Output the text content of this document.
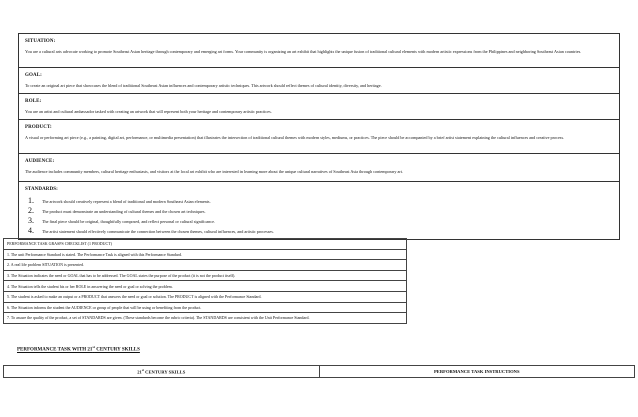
SITUATION:
You are a cultural arts advocate working to promote Southeast Asian heritage through contemporary and emerging art forms. Your community is organizing an art exhibit that highlights the unique fusion of traditional cultural elements with modern artistic expressions from the Philippines and neighboring Southeast Asian countries.

GOAL:
To create an original art piece that showcases the blend of traditional Southeast Asian influences and contemporary artistic techniques. This artwork should reflect themes of cultural identity, diversity, and heritage.

ROLE:
You are an artist and cultural ambassador tasked with creating an artwork that will represent both your heritage and contemporary artistic practices.

PRODUCT:
A visual or performing art piece (e.g., a painting, digital art, performance, or multimedia presentation) that illustrates the intersection of traditional cultural themes with modern styles, mediums, or practices. The piece should be accompanied by a brief artist statement explaining the cultural influences and creative process.

AUDIENCE:
The audience includes community members, cultural heritage enthusiasts, and visitors at the local art exhibit who are interested in learning more about the unique cultural narratives of Southeast Asia through contemporary art.

STANDARDS:
1.	The artwork should creatively represent a blend of traditional and modern Southeast Asian elements.
2.	The product must demonstrate an understanding of cultural themes and the chosen art techniques.
3.	The final piece should be original, thoughtfully composed, and reflect personal or cultural significance.
4.	The artist statement should effectively communicate the connection between the chosen themes, cultural influences, and artistic processes.
PERFORMANCE TASK GRASPS CHECKLIST (1 PRODUCT)
1. The unit Performance Standard is stated. The Performance Task is aligned with this Performance Standard.
2. A real life problem SITUATION is presented.
3. The Situation indicates the need or GOAL that has to be addressed. The GOAL states the purpose of the product (it is not the product itself).
4. The Situation tells the student his or her ROLE in answering the need or goal or solving the problem.
5. The student is asked to make an output or a PRODUCT that answers the need or goal or solution. The PRODUCT is aligned with the Performance Standard.
6. The Situation informs the student the AUDIENCE or group of people that will be using or benefiting from the product.
7. To assure the quality of the product, a set of STANDARDS are given. (These standards become the rubric criteria). The STANDARDS are consistent with the Unit Performance Standard.
PERFORMANCE TASK WITH 21st CENTURY SKILLS
21st CENTURY SKILLS	PERFORMANCE TASK INSTRUCTIONS
